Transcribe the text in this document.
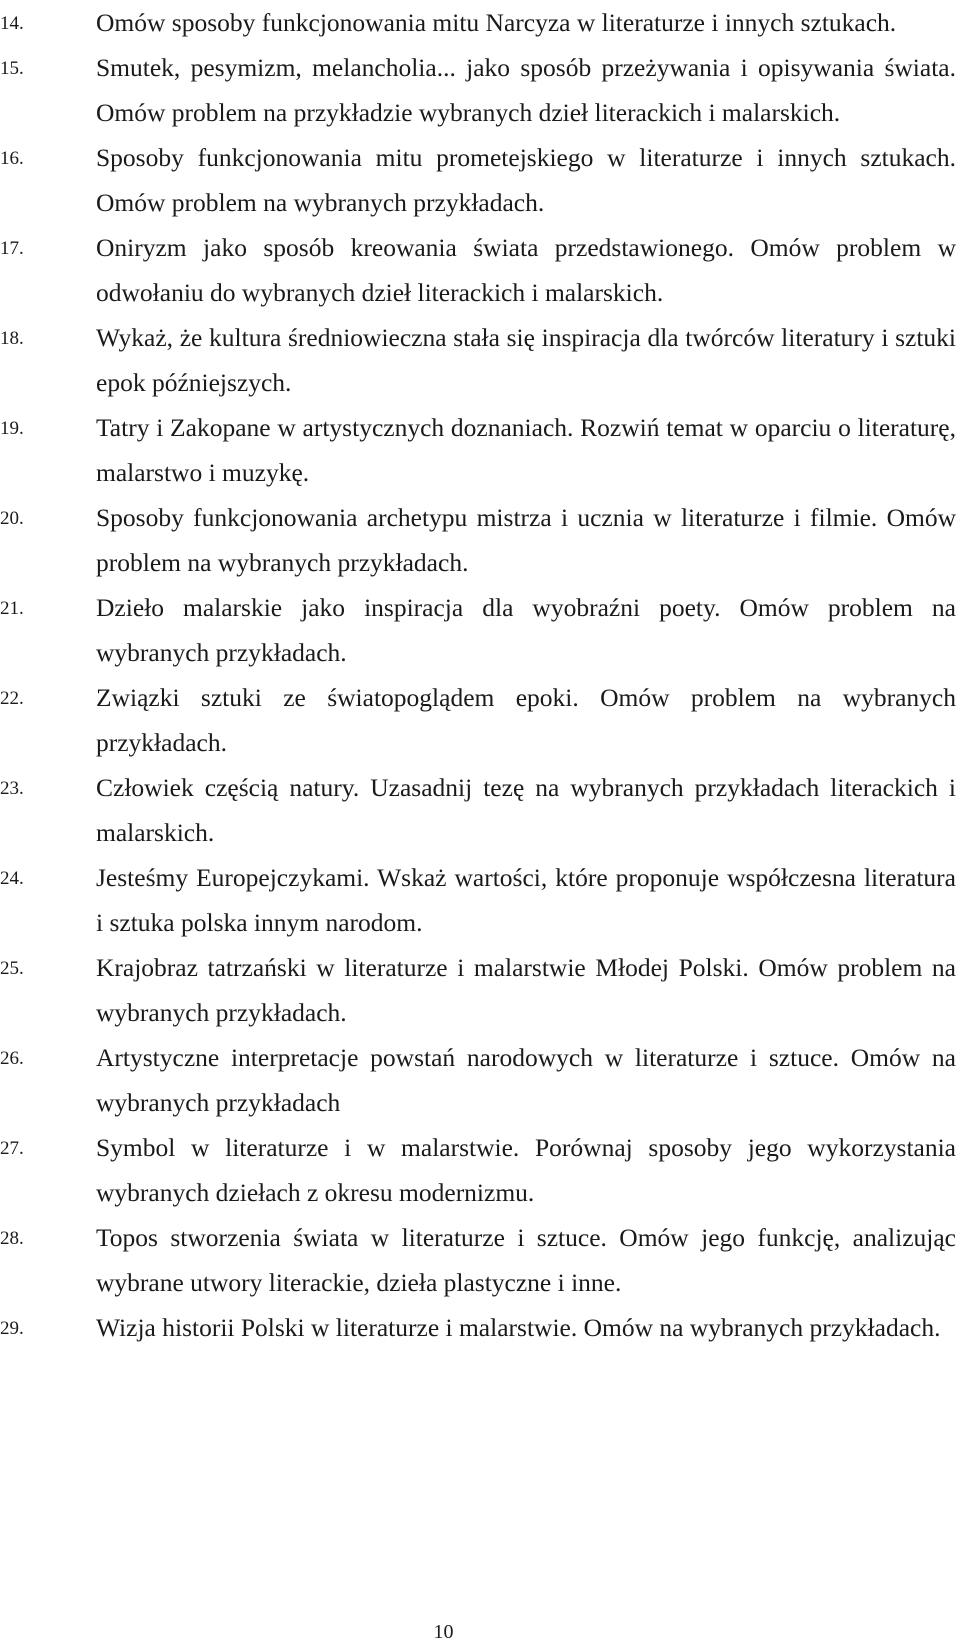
14.	Omów sposoby funkcjonowania mitu Narcyza w literaturze i innych sztukach.

15.	Smutek, pesymizm, melancholia... jako sposób przeżywania i opisywania świata. Omów problem na przykładzie wybranych dzieł literackich i malarskich.

16.	Sposoby funkcjonowania mitu prometejskiego w literaturze i innych sztukach. Omów problem na wybranych przykładach.

17.	Oniryzm jako sposób kreowania świata przedstawionego. Omów problem w odwołaniu do wybranych dzieł literackich i malarskich.

18.	Wykaż, że kultura średniowieczna stała się inspiracja dla twórców literatury i sztuki epok późniejszych.

19.	Tatry i Zakopane w artystycznych doznaniach. Rozwiń temat w oparciu o literaturę, malarstwo i muzykę.

20.	Sposoby funkcjonowania archetypu mistrza i ucznia w literaturze i filmie. Omów problem na wybranych przykładach.

21.	Dzieło malarskie jako inspiracja dla wyobraźni poety. Omów problem na wybranych przykładach.

22.	Związki sztuki ze światopoglądem epoki. Omów problem na wybranych przykładach.

23.	Człowiek częścią natury. Uzasadnij tezę na wybranych przykładach literackich i malarskich.

24.	Jesteśmy Europejczykami. Wskaż wartości, które proponuje współczesna literatura i sztuka polska innym narodom.

25.	Krajobraz tatrzański w literaturze i malarstwie Młodej Polski. Omów problem na wybranych przykładach.

26.	Artystyczne interpretacje powstań narodowych w literaturze i sztuce. Omów na wybranych przykładach

27.	Symbol w literaturze i w malarstwie. Porównaj sposoby jego wykorzystania wybranych dziełach z okresu modernizmu.

28.	Topos stworzenia świata w literaturze i sztuce. Omów jego funkcję, analizując wybrane utwory literackie, dzieła plastyczne i inne.

29.	Wizja historii Polski w literaturze i malarstwie. Omów na wybranych przykładach.

10
